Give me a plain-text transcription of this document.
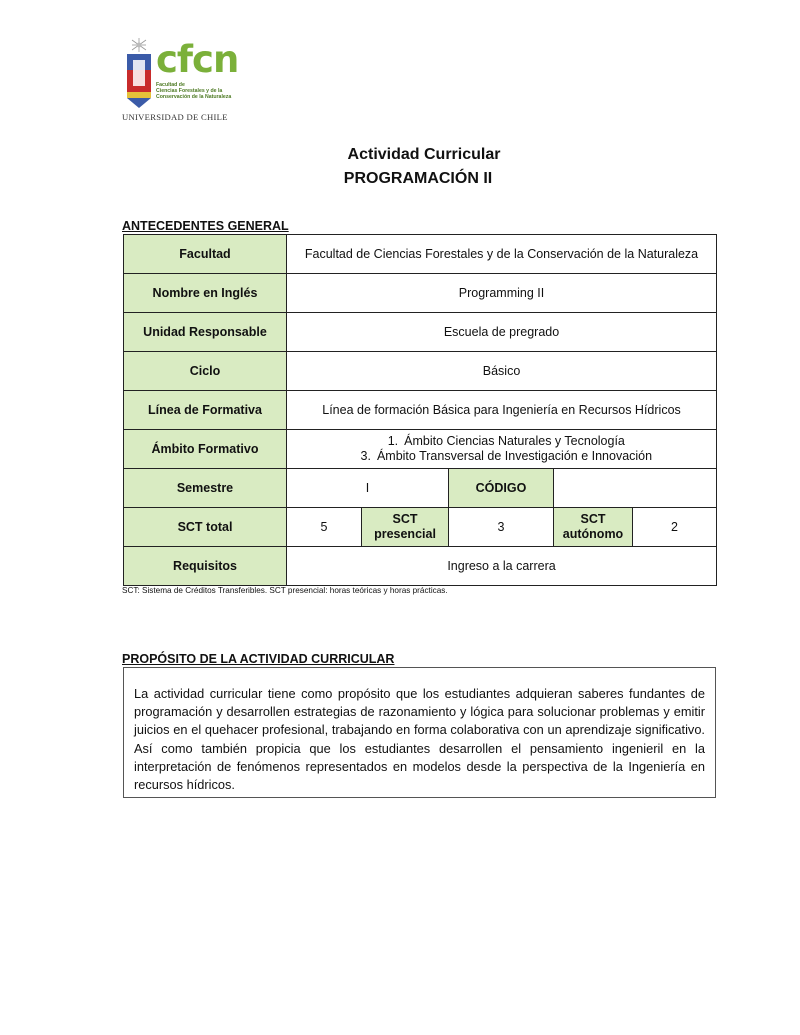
cfcn
Facultad de
Ciencias Forestales y de la
Conservación de la Naturaleza
UNIVERSIDAD DE CHILE
Actividad Curricular
PROGRAMACIÓN II
ANTECEDENTES GENERAL
Facultad	Facultad de Ciencias Forestales y de la Conservación de la Naturaleza				
Nombre en Inglés	Programming II				
Unidad Responsable	Escuela de pregrado				
Ciclo	Básico				
Línea de Formativa	Línea de formación Básica para Ingeniería en Recursos Hídricos				
Ámbito Formativo	1. Ámbito Ciencias Naturales y Tecnología
3. Ámbito Transversal de Investigación e Innovación				

Semestre	I		CÓDIGO		
SCT total	5	SCT presencial	3	SCT autónomo	2
Requisitos	Ingreso a la carrera				
SCT: Sistema de Créditos Transferibles. SCT presencial: horas teóricas y horas prácticas.
PROPÓSITO DE LA ACTIVIDAD CURRICULAR

La actividad curricular tiene como propósito que los estudiantes adquieran saberes fundantes de programación y desarrollen estrategias de razonamiento y lógica para solucionar problemas y emitir juicios en el quehacer profesional, trabajando en forma colaborativa con un aprendizaje significativo. Así como también propicia que los estudiantes desarrollen el pensamiento ingenieril en la interpretación de fenómenos representados en modelos desde la perspectiva de la Ingeniería en recursos hídricos.
